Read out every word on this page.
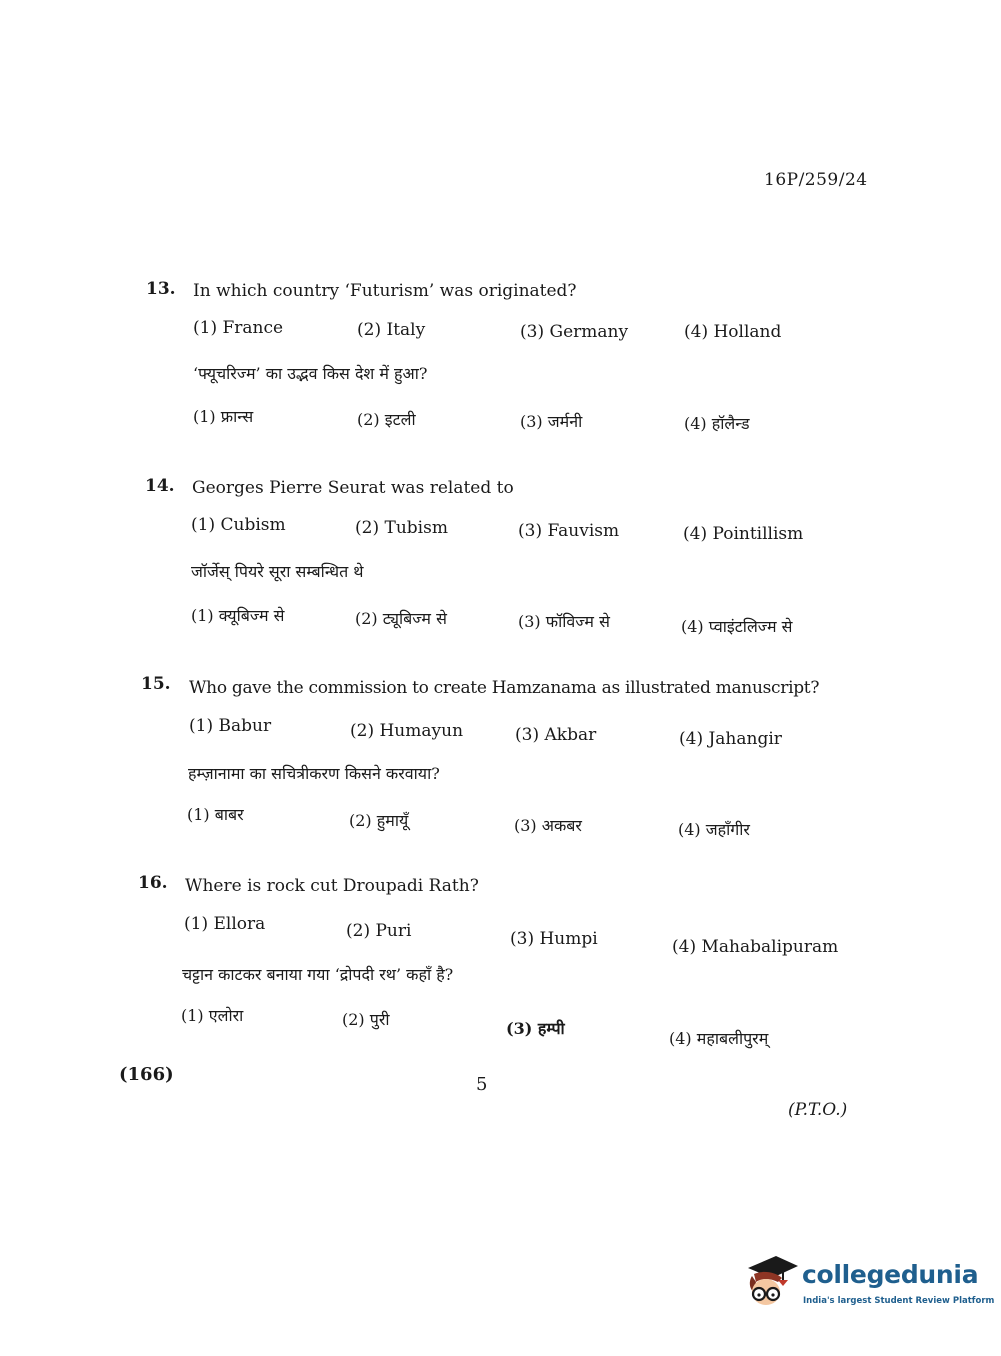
16P/259/24
13. In which country ‘Futurism’ was originated?
(1) France	(2) Italy	(3) Germany	(4) Holland
‘फ्यूचरिज्म’ का उद्भव किस देश में हुआ?
(1) फ्रान्स	(2) इटली	(3) जर्मनी	(4) हॉलैन्ड
14. Georges Pierre Seurat was related to
(1) Cubism	(2) Tubism	(3) Fauvism	(4) Pointillism
जॉर्जेस् पियरे सूरा सम्बन्धित थे
(1) क्यूबिज्म से	(2) ट्यूबिज्म से	(3) फॉविज्म से	(4) प्वाइंटलिज्म से
15. Who gave the commission to create Hamzanama as illustrated manuscript?
(1) Babur	(2) Humayun	(3) Akbar	(4) Jahangir
हम्ज़ानामा का सचित्रीकरण किसने करवाया?
(1) बाबर	(2) हुमायूँ	(3) अकबर	(4) जहाँगीर
16. Where is rock cut Droupadi Rath?
(1) Ellora	(2) Puri	(3) Humpi	(4) Mahabalipuram
चट्टान काटकर बनाया गया ‘द्रोपदी रथ’ कहाँ है?
(1) एलोरा	(2) पुरी	(3) हम्पी
(4) महाबलीपुरम्
(166)	5
(P.T.O.)
collegedunia
India's largest Student Review Platform
